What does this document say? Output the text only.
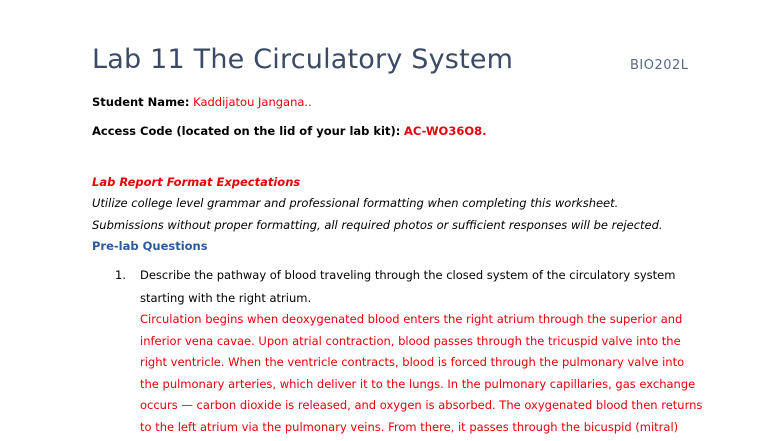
Lab 11 The Circulatory System	BIO202L
Student Name: Kaddijatou Jangana..
Access Code (located on the lid of your lab kit): AC-WO36O8.
Lab Report Format Expectations
Utilize college level grammar and professional formatting when completing this worksheet.
Submissions without proper formatting, all required photos or sufficient responses will be rejected.
Pre-lab Questions
1. Describe the pathway of blood traveling through the closed system of the circulatory system
starting with the right atrium.
Circulation begins when deoxygenated blood enters the right atrium through the superior and
inferior vena cavae. Upon atrial contraction, blood passes through the tricuspid valve into the
right ventricle. When the ventricle contracts, blood is forced through the pulmonary valve into
the pulmonary arteries, which deliver it to the lungs. In the pulmonary capillaries, gas exchange
occurs — carbon dioxide is released, and oxygen is absorbed. The oxygenated blood then returns
to the left atrium via the pulmonary veins. From there, it passes through the bicuspid (mitral)
